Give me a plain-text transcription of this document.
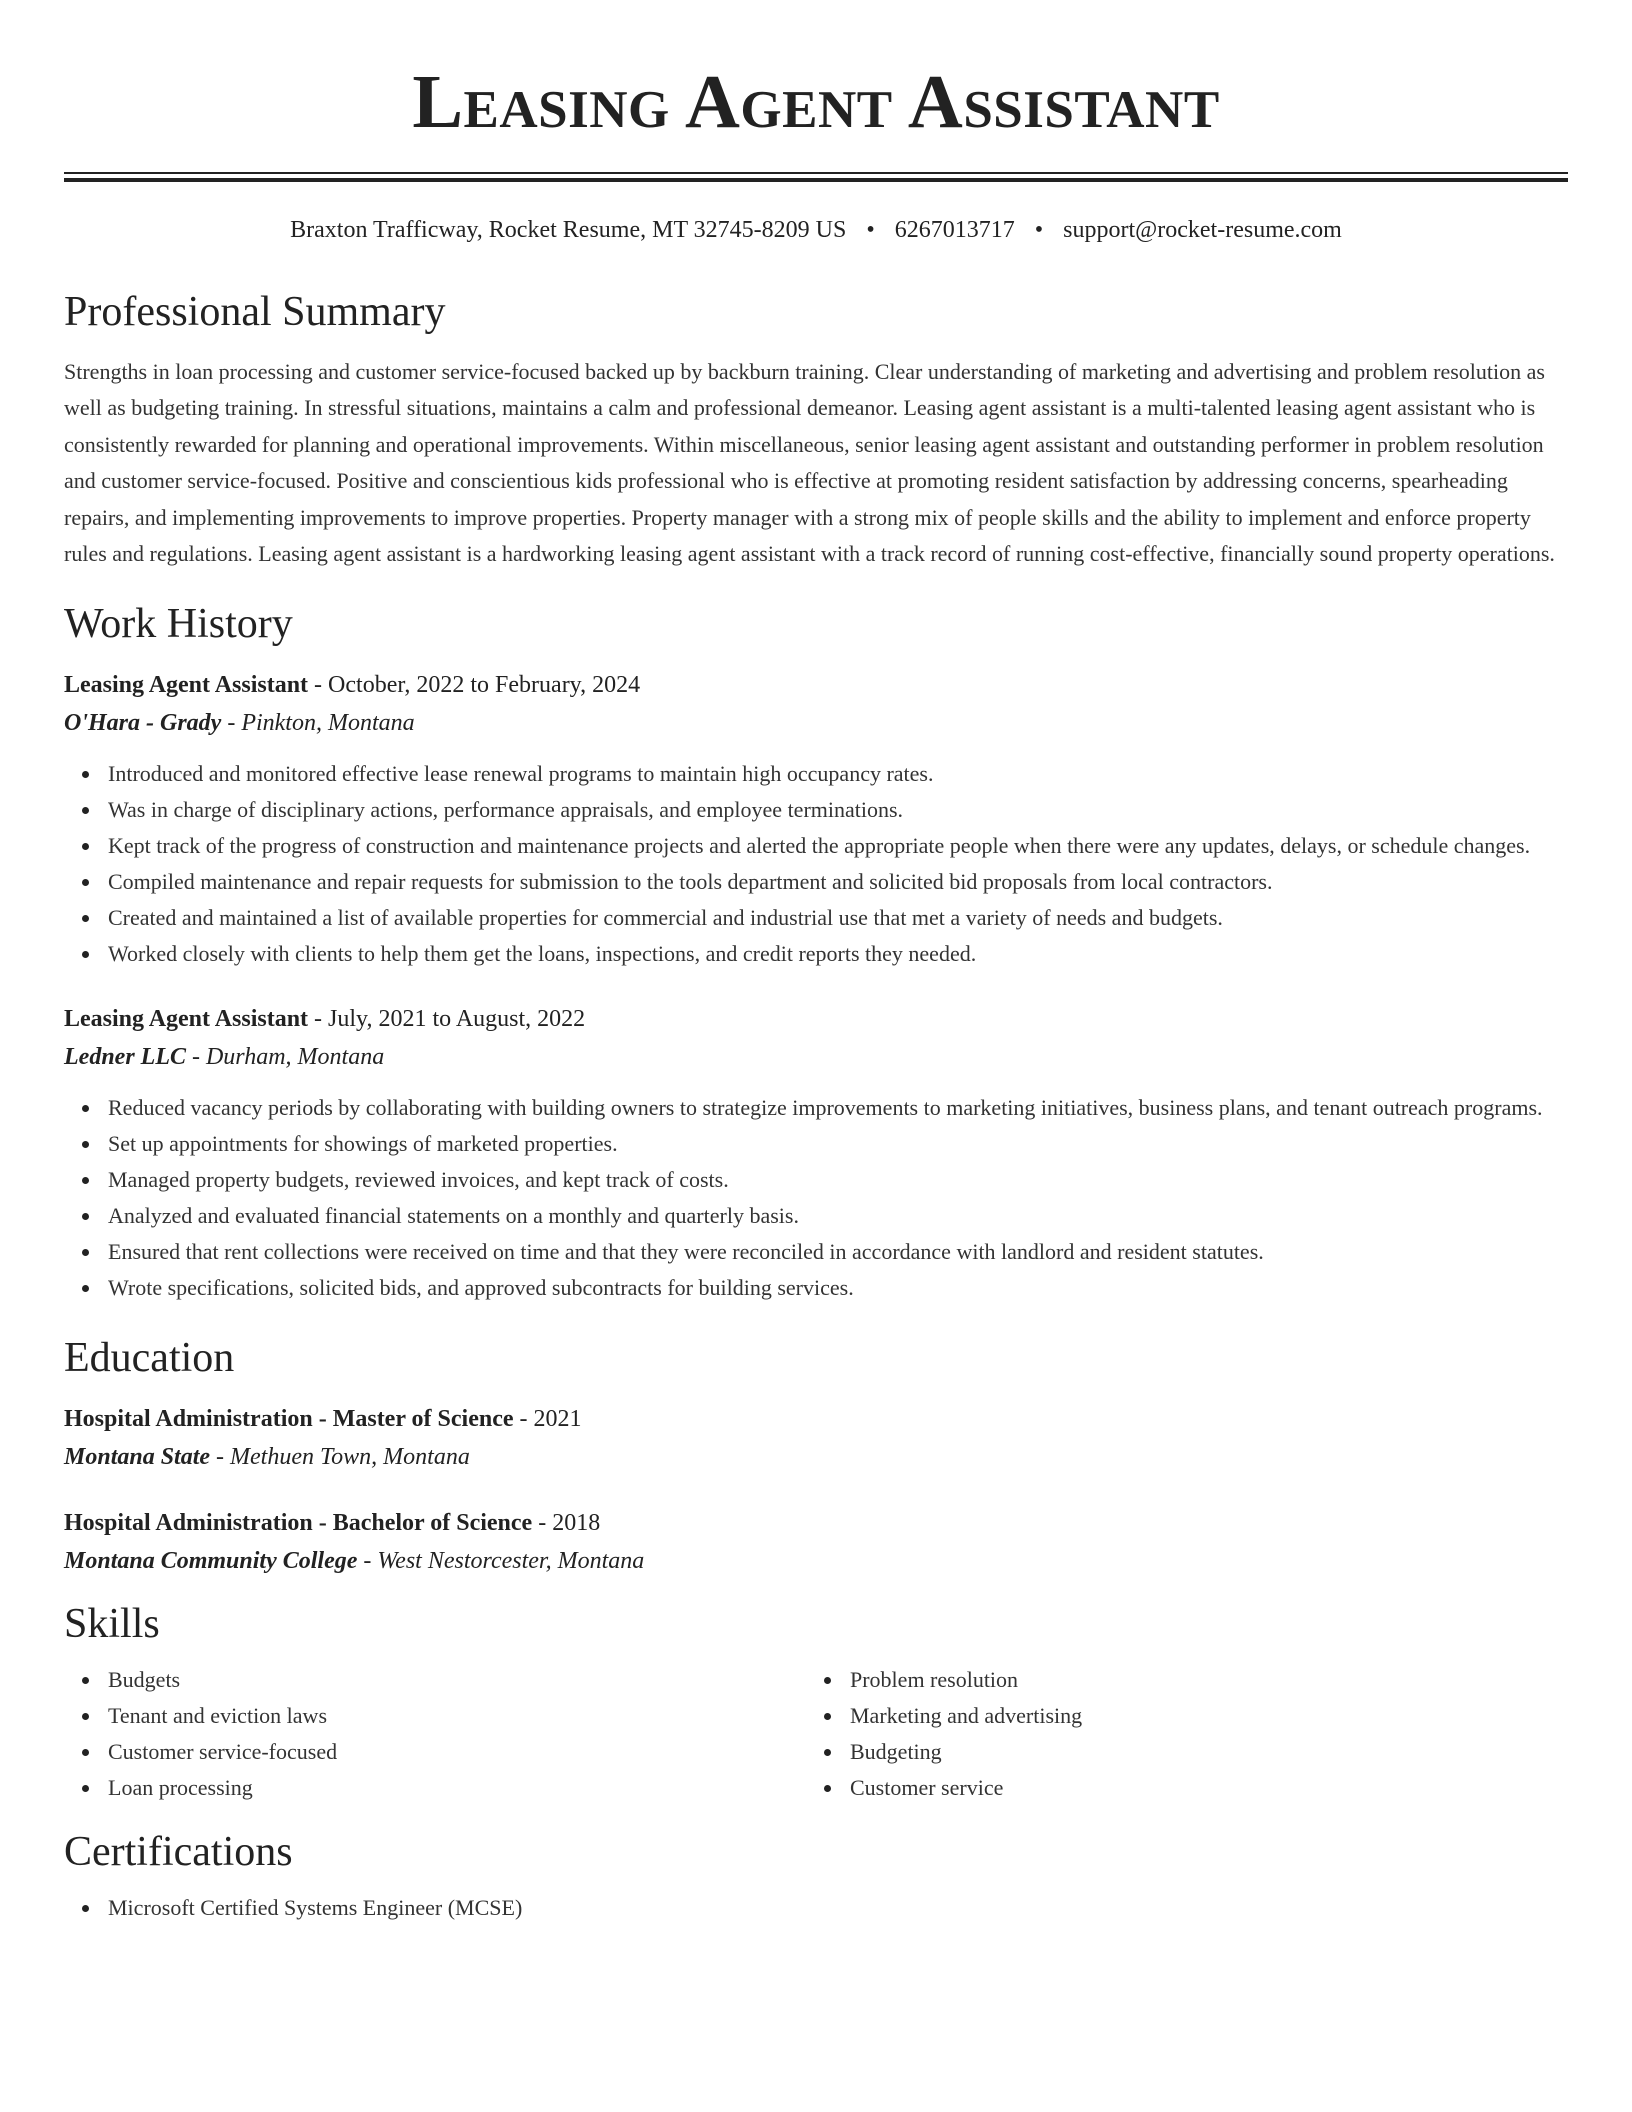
Leasing Agent Assistant
Braxton Trafficway, Rocket Resume, MT 32745-8209 US • 6267013717 • support@rocket-resume.com
Professional Summary
Strengths in loan processing and customer service-focused backed up by backburn training. Clear understanding of marketing and advertising and problem resolution as well as budgeting training. In stressful situations, maintains a calm and professional demeanor. Leasing agent assistant is a multi-talented leasing agent assistant who is consistently rewarded for planning and operational improvements. Within miscellaneous, senior leasing agent assistant and outstanding performer in problem resolution and customer service-focused. Positive and conscientious kids professional who is effective at promoting resident satisfaction by addressing concerns, spearheading repairs, and implementing improvements to improve properties. Property manager with a strong mix of people skills and the ability to implement and enforce property rules and regulations. Leasing agent assistant is a hardworking leasing agent assistant with a track record of running cost-effective, financially sound property operations.
Work History
Leasing Agent Assistant - October, 2022 to February, 2024
O'Hara - Grady - Pinkton, Montana
Introduced and monitored effective lease renewal programs to maintain high occupancy rates.
Was in charge of disciplinary actions, performance appraisals, and employee terminations.
Kept track of the progress of construction and maintenance projects and alerted the appropriate people when there were any updates, delays, or schedule changes.
Compiled maintenance and repair requests for submission to the tools department and solicited bid proposals from local contractors.
Created and maintained a list of available properties for commercial and industrial use that met a variety of needs and budgets.
Worked closely with clients to help them get the loans, inspections, and credit reports they needed.
Leasing Agent Assistant - July, 2021 to August, 2022
Ledner LLC - Durham, Montana
Reduced vacancy periods by collaborating with building owners to strategize improvements to marketing initiatives, business plans, and tenant outreach programs.
Set up appointments for showings of marketed properties.
Managed property budgets, reviewed invoices, and kept track of costs.
Analyzed and evaluated financial statements on a monthly and quarterly basis.
Ensured that rent collections were received on time and that they were reconciled in accordance with landlord and resident statutes.
Wrote specifications, solicited bids, and approved subcontracts for building services.
Education
Hospital Administration - Master of Science - 2021
Montana State - Methuen Town, Montana
Hospital Administration - Bachelor of Science - 2018
Montana Community College - West Nestorcester, Montana
Skills
Budgets
Tenant and eviction laws
Customer service-focused
Loan processing
Problem resolution
Marketing and advertising
Budgeting
Customer service
Certifications
Microsoft Certified Systems Engineer (MCSE)
